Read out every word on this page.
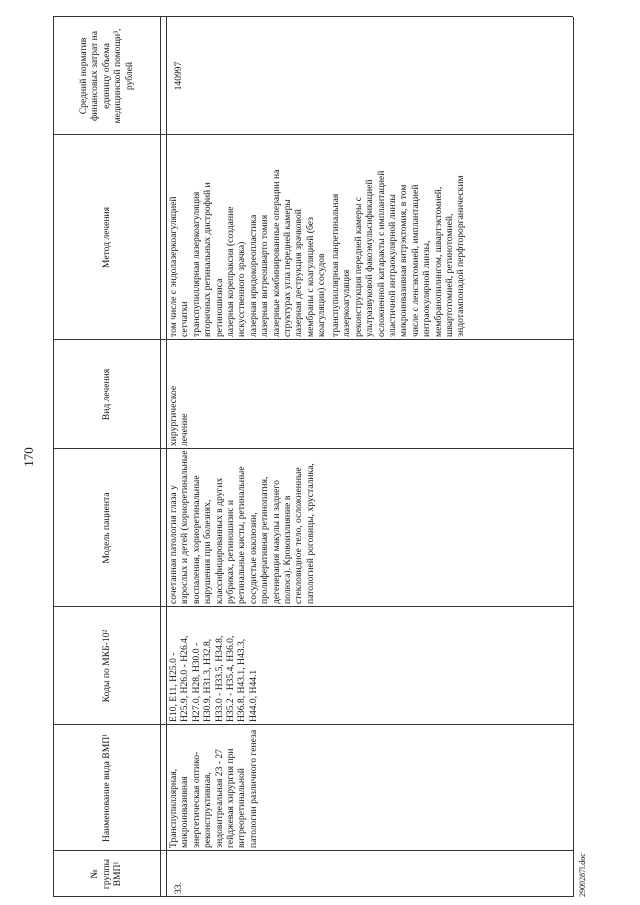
170
№ группы ВМП¹
Наименование вида ВМП¹
Коды по МКБ-10²
Модель пациента
Вид лечения
Метод лечения
Средний норматив финансовых затрат на единицу объема медицинской помощи³, рублей
33.
Транспупиллярная, микроинвазивная энергетическая оптико- реконструктивная, эндовитреальная 23 - 27 гейджевая хирургия при витреоретинальной патологии различного генеза
E10, E11, H25.0 - H25.9, H26.0 - H26.4, H27.0, H28, H30.0 - H30.9, H31.3, H32.8, H33.0 - H33.5, H34.8, H35.2 - H35.4, H36.0, H36.8, H43.1, H43.3, H44.0, H44.1
сочетанная патология глаза у взрослых и детей (хориоретинальные воспаления, хориоретинальные нарушения при болезнях, классифицированных в других рубриках, ретиношизис и ретинальные кисты, ретинальные сосудистые окклюзии, пролиферативная ретинопатия, дегенерация макулы и заднего полюса). Кровоизлияние в стекловидное тело, осложненные патологией роговицы, хрусталика,
хирургическое лечение
том числе с эндолазеркоагуляцией сетчатки транспупиллярная лазеркоагуляция вторичных ретинальных дистрофий и ретиношизиса лазерная корепраксия (создание искусственного зрачка) лазерная иридокореопластика лазерная витреошварто томия лазерные комбинированные операции на структурах угла передней камеры лазерная деструкция зрачковой мембраны с коагуляцией (без коагуляции) сосудов транспупиллярная панретинальная лазеркоагуляция реконструкция передней камеры с ультразвуковой факоэмульсификацией осложненной катаракты с имплантацией эластичной интраокулярной линзы микроинвазивная витрэктомия, в том числе с ленсэктомией, имплантацией интраокулярной линзы, мембранопилингом, швартэктомией, швартотомией, ретинотомией, эндотампонадой перфторорганическим
140997
2909287l.doc
